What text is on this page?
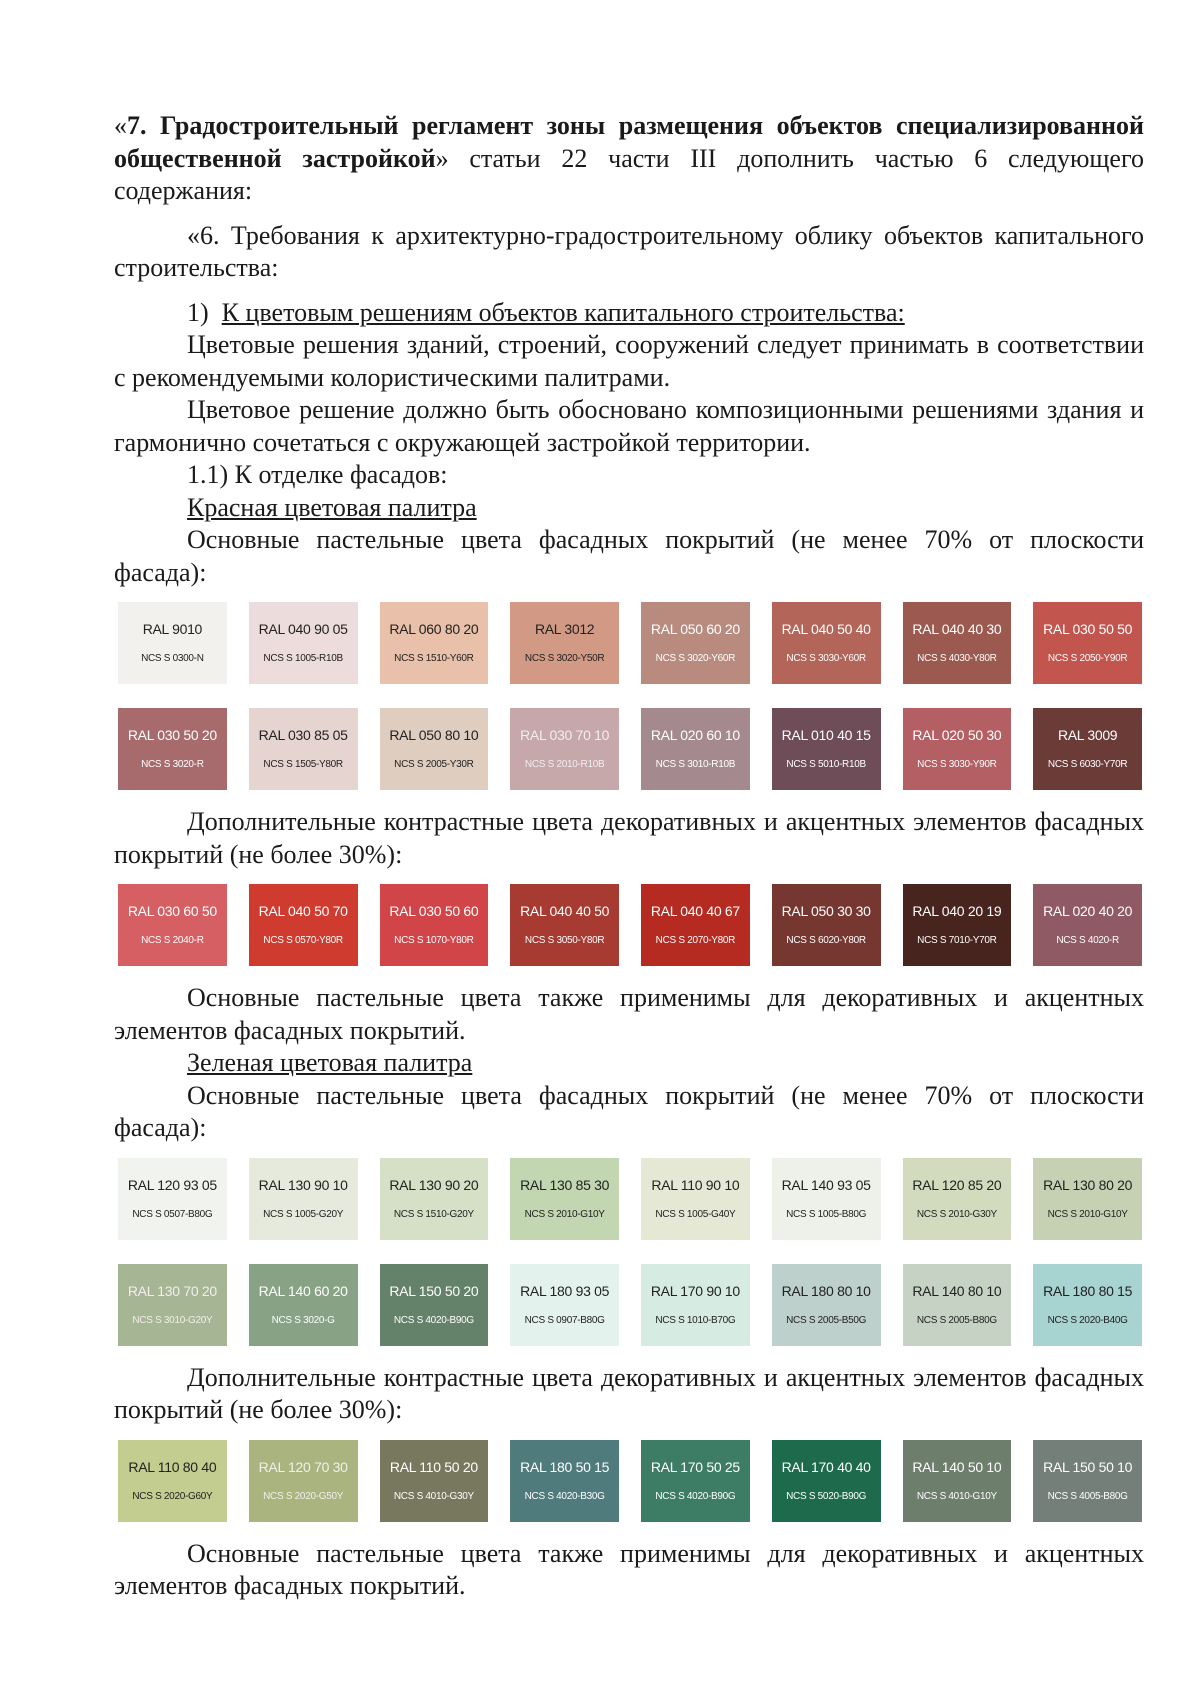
«7. Градостроительный регламент зоны размещения объектов специализированной общественной застройкой» статьи 22 части III дополнить частью 6 следующего содержания:

«6. Требования к архитектурно-градостроительному облику объектов капитального строительства:

1) К цветовым решениям объектов капитального строительства:

Цветовые решения зданий, строений, сооружений следует принимать в соответствии с рекомендуемыми колористическими палитрами.

Цветовое решение должно быть обосновано композиционными решениями здания и гармонично сочетаться с окружающей застройкой территории.

1.1) К отделке фасадов:

Красная цветовая палитра

Основные пастельные цвета фасадных покрытий (не менее 70% от плоскости фасада):

RAL 9010
NCS S 0300-N
RAL 040 90 05
NCS S 1005-R10B
RAL 060 80 20
NCS S 1510-Y60R
RAL 3012
NCS S 3020-Y50R
RAL 050 60 20
NCS S 3020-Y60R
RAL 040 50 40
NCS S 3030-Y60R
RAL 040 40 30
NCS S 4030-Y80R
RAL 030 50 50
NCS S 2050-Y90R
RAL 030 50 20
NCS S 3020-R
RAL 030 85 05
NCS S 1505-Y80R
RAL 050 80 10
NCS S 2005-Y30R
RAL 030 70 10
NCS S 2010-R10B
RAL 020 60 10
NCS S 3010-R10B
RAL 010 40 15
NCS S 5010-R10B
RAL 020 50 30
NCS S 3030-Y90R
RAL 3009
NCS S 6030-Y70R

Дополнительные контрастные цвета декоративных и акцентных элементов фасадных покрытий (не более 30%):

RAL 030 60 50
NCS S 2040-R
RAL 040 50 70
NCS S 0570-Y80R
RAL 030 50 60
NCS S 1070-Y80R
RAL 040 40 50
NCS S 3050-Y80R
RAL 040 40 67
NCS S 2070-Y80R
RAL 050 30 30
NCS S 6020-Y80R
RAL 040 20 19
NCS S 7010-Y70R
RAL 020 40 20
NCS S 4020-R

Основные пастельные цвета также применимы для декоративных и акцентных элементов фасадных покрытий.

Зеленая цветовая палитра

Основные пастельные цвета фасадных покрытий (не менее 70% от плоскости фасада):

RAL 120 93 05
NCS S 0507-B80G
RAL 130 90 10
NCS S 1005-G20Y
RAL 130 90 20
NCS S 1510-G20Y
RAL 130 85 30
NCS S 2010-G10Y
RAL 110 90 10
NCS S 1005-G40Y
RAL 140 93 05
NCS S 1005-B80G
RAL 120 85 20
NCS S 2010-G30Y
RAL 130 80 20
NCS S 2010-G10Y
RAL 130 70 20
NCS S 3010-G20Y
RAL 140 60 20
NCS S 3020-G
RAL 150 50 20
NCS S 4020-B90G
RAL 180 93 05
NCS S 0907-B80G
RAL 170 90 10
NCS S 1010-B70G
RAL 180 80 10
NCS S 2005-B50G
RAL 140 80 10
NCS S 2005-B80G
RAL 180 80 15
NCS S 2020-B40G

Дополнительные контрастные цвета декоративных и акцентных элементов фасадных покрытий (не более 30%):

RAL 110 80 40
NCS S 2020-G60Y
RAL 120 70 30
NCS S 2020-G50Y
RAL 110 50 20
NCS S 4010-G30Y
RAL 180 50 15
NCS S 4020-B30G
RAL 170 50 25
NCS S 4020-B90G
RAL 170 40 40
NCS S 5020-B90G
RAL 140 50 10
NCS S 4010-G10Y
RAL 150 50 10
NCS S 4005-B80G

Основные пастельные цвета также применимы для декоративных и акцентных элементов фасадных покрытий.
